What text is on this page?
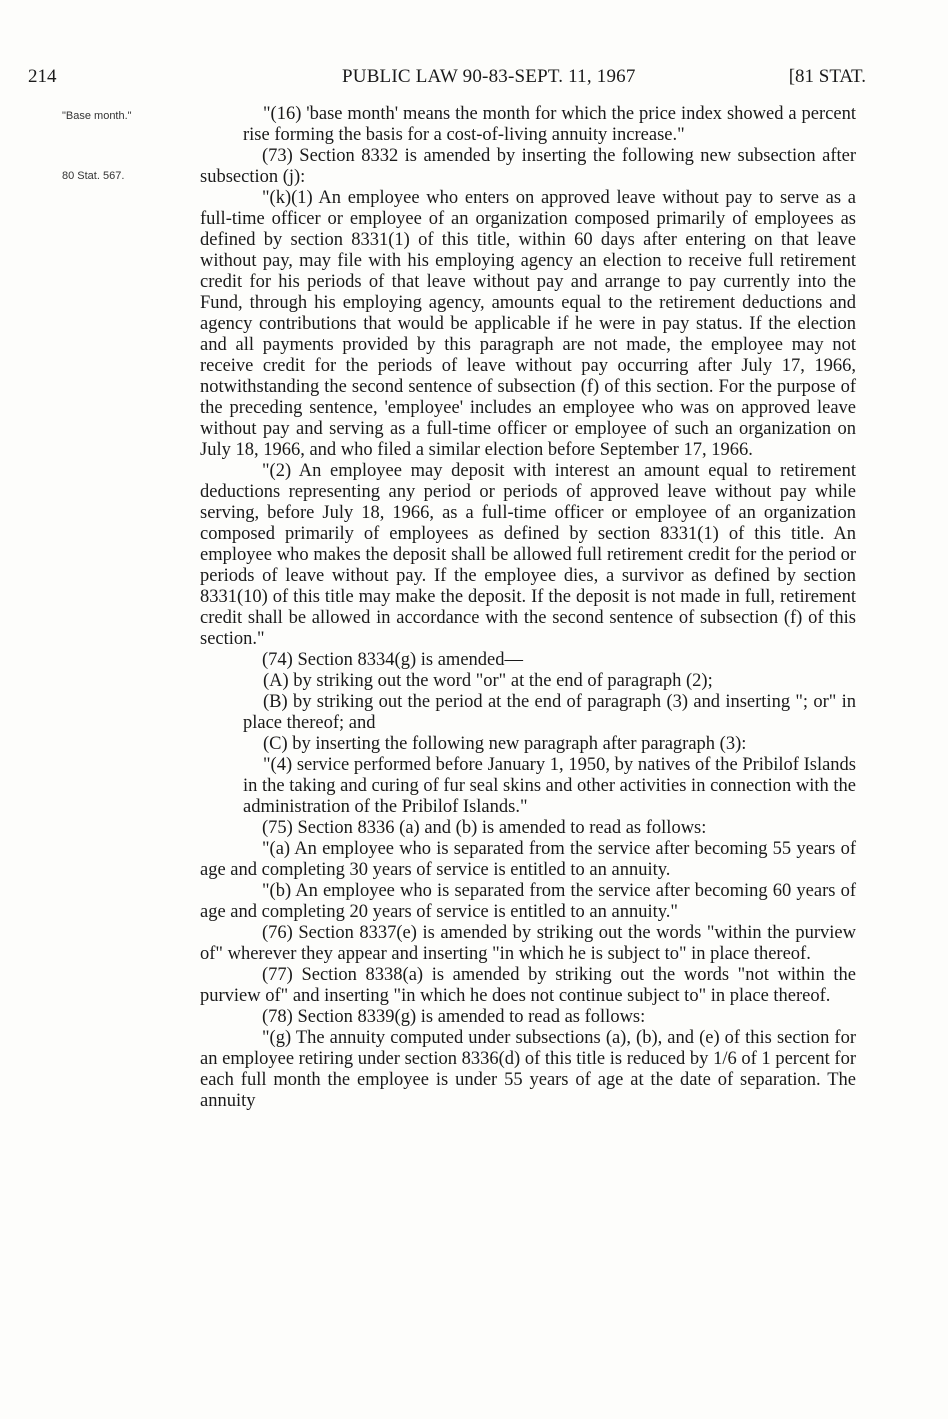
214	PUBLIC LAW 90-83-SEPT. 11, 1967	[81 STAT.
"Base month."
80 Stat. 567.

"(16) 'base month' means the month for which the price index showed a percent rise forming the basis for a cost-of-living annuity increase."

(73) Section 8332 is amended by inserting the following new subsection after subsection (j):

"(k)(1) An employee who enters on approved leave without pay to serve as a full-time officer or employee of an organization composed primarily of employees as defined by section 8331(1) of this title, within 60 days after entering on that leave without pay, may file with his employing agency an election to receive full retirement credit for his periods of that leave without pay and arrange to pay currently into the Fund, through his employing agency, amounts equal to the retirement deductions and agency contributions that would be applicable if he were in pay status. If the election and all payments provided by this paragraph are not made, the employee may not receive credit for the periods of leave without pay occurring after July 17, 1966, notwithstanding the second sentence of subsection (f) of this section. For the purpose of the preceding sentence, 'employee' includes an employee who was on approved leave without pay and serving as a full-time officer or employee of such an organization on July 18, 1966, and who filed a similar election before September 17, 1966.

"(2) An employee may deposit with interest an amount equal to retirement deductions representing any period or periods of approved leave without pay while serving, before July 18, 1966, as a full-time officer or employee of an organization composed primarily of employees as defined by section 8331(1) of this title. An employee who makes the deposit shall be allowed full retirement credit for the period or periods of leave without pay. If the employee dies, a survivor as defined by section 8331(10) of this title may make the deposit. If the deposit is not made in full, retirement credit shall be allowed in accordance with the second sentence of subsection (f) of this section."

(74) Section 8334(g) is amended—

(A) by striking out the word "or" at the end of paragraph (2);

(B) by striking out the period at the end of paragraph (3) and inserting "; or" in place thereof; and

(C) by inserting the following new paragraph after paragraph (3):

"(4) service performed before January 1, 1950, by natives of the Pribilof Islands in the taking and curing of fur seal skins and other activities in connection with the administration of the Pribilof Islands."

(75) Section 8336 (a) and (b) is amended to read as follows:

"(a) An employee who is separated from the service after becoming 55 years of age and completing 30 years of service is entitled to an annuity.

"(b) An employee who is separated from the service after becoming 60 years of age and completing 20 years of service is entitled to an annuity."

(76) Section 8337(e) is amended by striking out the words "within the purview of" wherever they appear and inserting "in which he is subject to" in place thereof.

(77) Section 8338(a) is amended by striking out the words "not within the purview of" and inserting "in which he does not continue subject to" in place thereof.

(78) Section 8339(g) is amended to read as follows:

"(g) The annuity computed under subsections (a), (b), and (e) of this section for an employee retiring under section 8336(d) of this title is reduced by 1/6 of 1 percent for each full month the employee is under 55 years of age at the date of separation. The annuity
